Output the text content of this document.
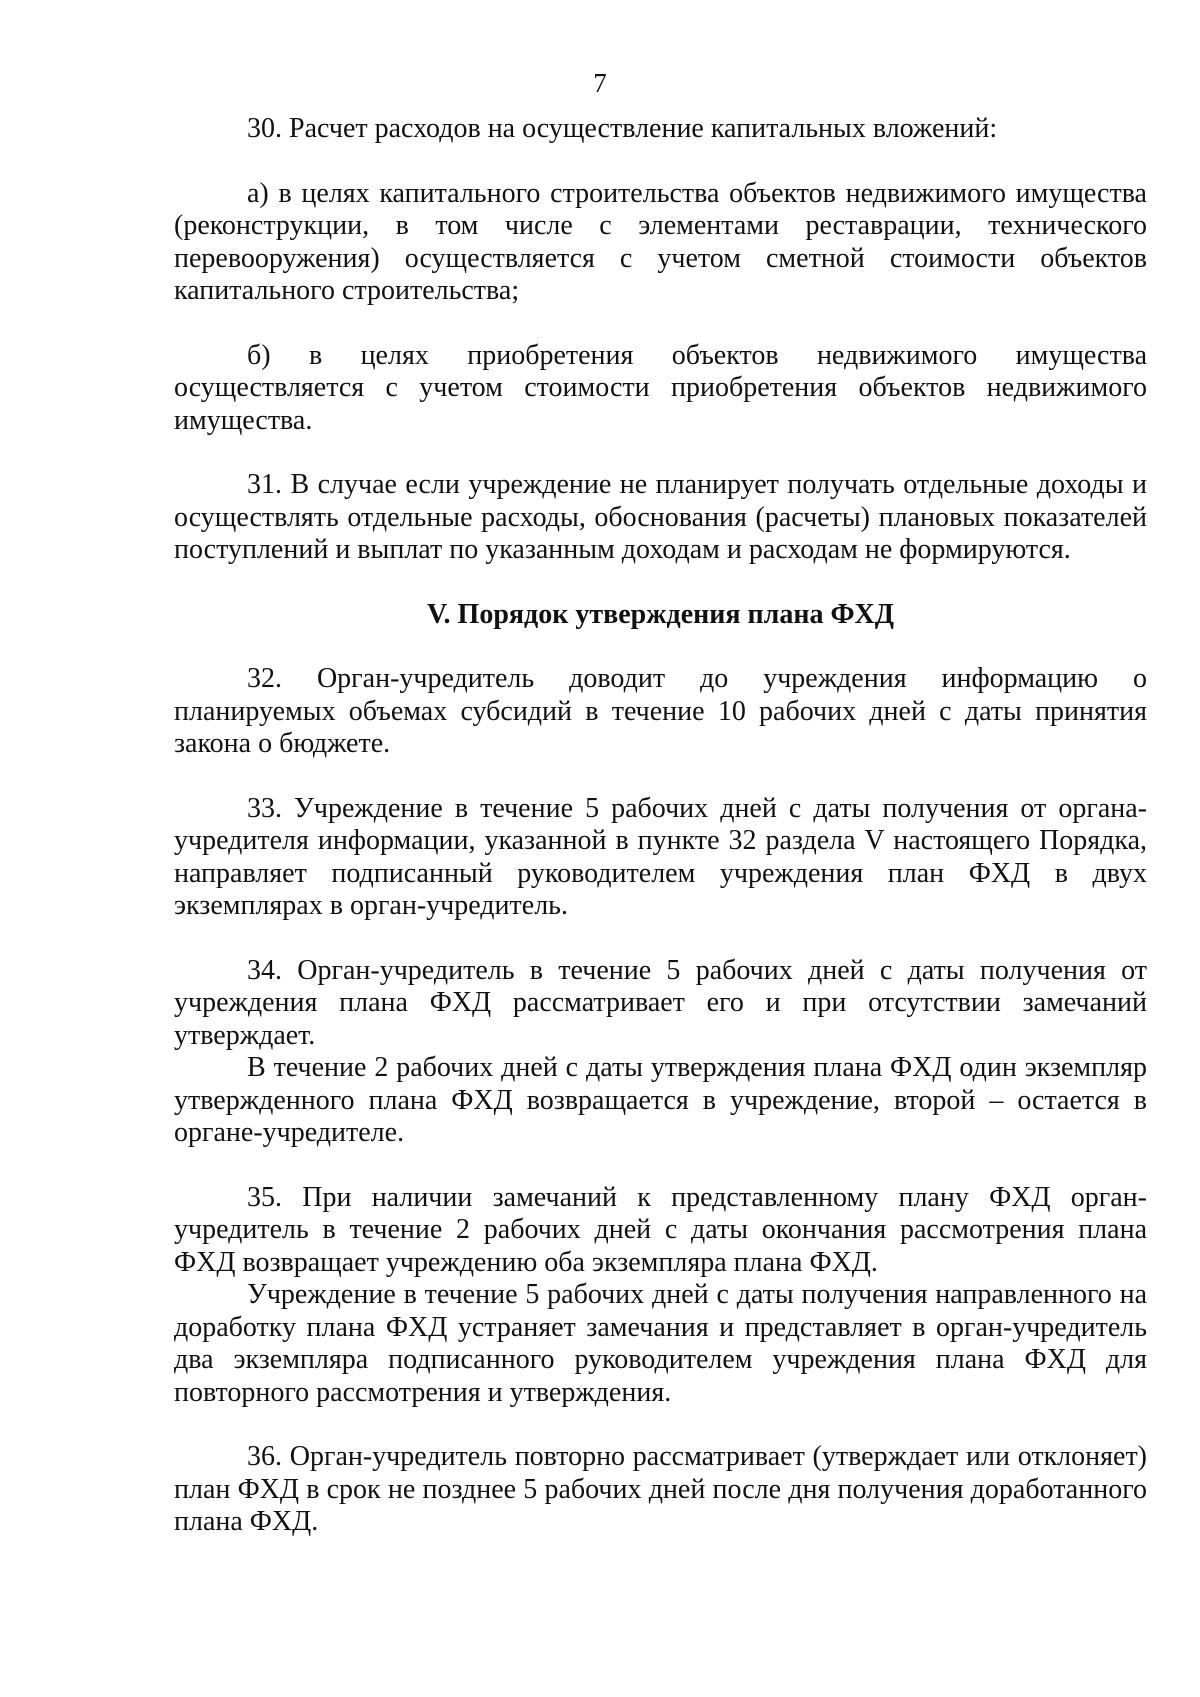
7

30. Расчет расходов на осуществление капитальных вложений:

а) в целях капитального строительства объектов недвижимого имущества (реконструкции, в том числе с элементами реставрации, технического перевооружения) осуществляется с учетом сметной стоимости объектов капитального строительства;

б) в целях приобретения объектов недвижимого имущества осуществляется с учетом стоимости приобретения объектов недвижимого имущества.

31. В случае если учреждение не планирует получать отдельные доходы и осуществлять отдельные расходы, обоснования (расчеты) плановых показателей поступлений и выплат по указанным доходам и расходам не формируются.

V. Порядок утверждения плана ФХД

32. Орган-учредитель доводит до учреждения информацию о планируемых объемах субсидий в течение 10 рабочих дней с даты принятия закона о бюджете.

33. Учреждение в течение 5 рабочих дней с даты получения от органа-учредителя информации, указанной в пункте 32 раздела V настоящего Порядка, направляет подписанный руководителем учреждения план ФХД в двух экземплярах в орган-учредитель.

34. Орган-учредитель в течение 5 рабочих дней с даты получения от учреждения плана ФХД рассматривает его и при отсутствии замечаний утверждает.

В течение 2 рабочих дней с даты утверждения плана ФХД один экземпляр утвержденного плана ФХД возвращается в учреждение, второй – остается в органе-учредителе.

35. При наличии замечаний к представленному плану ФХД орган-учредитель в течение 2 рабочих дней с даты окончания рассмотрения плана ФХД возвращает учреждению оба экземпляра плана ФХД.

Учреждение в течение 5 рабочих дней с даты получения направленного на доработку плана ФХД устраняет замечания и представляет в орган-учредитель два экземпляра подписанного руководителем учреждения плана ФХД для повторного рассмотрения и утверждения.

36. Орган-учредитель повторно рассматривает (утверждает или отклоняет) план ФХД в срок не позднее 5 рабочих дней после дня получения доработанного плана ФХД.
